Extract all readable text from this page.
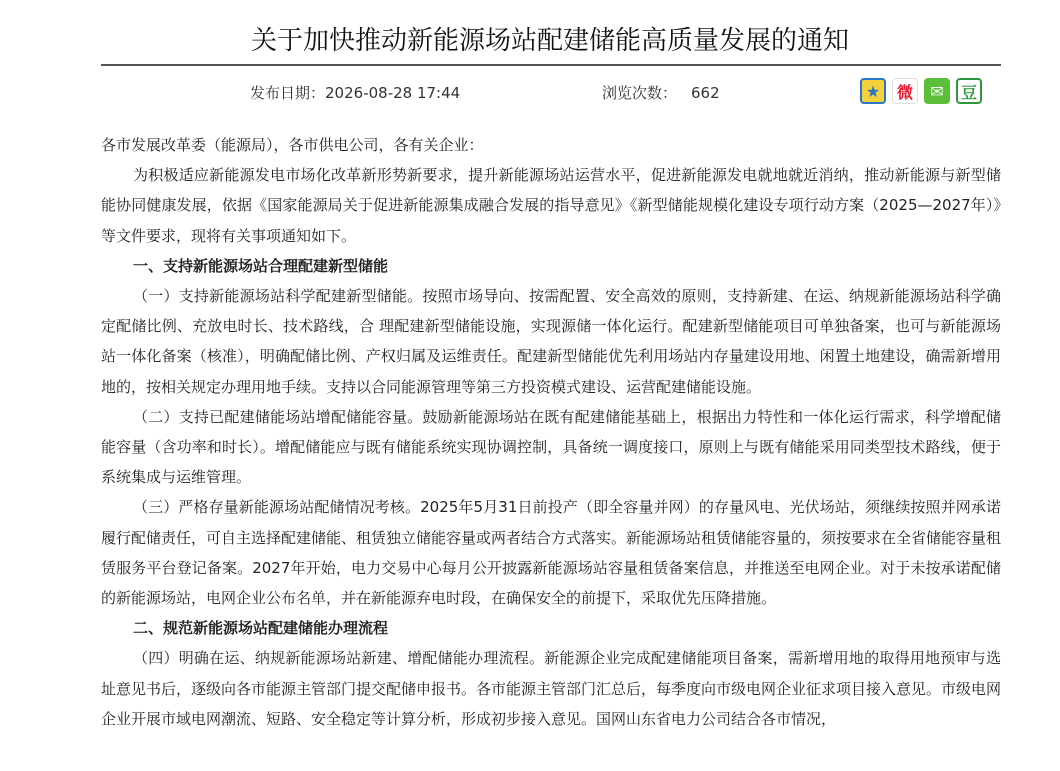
关于加快推动新能源场站配建储能高质量发展的通知
发布日期：2026-08-28 17:44	浏览次数： 662	★	微	✉	豆

各市发展改革委（能源局），各市供电公司，各有关企业：

为积极适应新能源发电市场化改革新形势新要求，提升新能源场站运营水平，促进新能源发电就地就近消纳，推动新能源与新型储能协同健康发展，依据《国家能源局关于促进新能源集成融合发展的指导意见》《新型储能规模化建设专项行动方案（2025—2027年）》等文件要求，现将有关事项通知如下。

一、支持新能源场站合理配建新型储能

（一）支持新能源场站科学配建新型储能。按照市场导向、按需配置、安全高效的原则，支持新建、在运、纳规新能源场站科学确定配储比例、充放电时长、技术路线，合 理配建新型储能设施，实现源储一体化运行。配建新型储能项目可单独备案，也可与新能源场站一体化备案（核准），明确配储比例、产权归属及运维责任。配建新型储能优先利用场站内存量建设用地、闲置土地建设，确需新增用地的，按相关规定办理用地手续。支持以合同能源管理等第三方投资模式建设、运营配建储能设施。

（二）支持已配建储能场站增配储能容量。鼓励新能源场站在既有配建储能基础上，根据出力特性和一体化运行需求，科学增配储能容量（含功率和时长）。增配储能应与既有储能系统实现协调控制，具备统一调度接口，原则上与既有储能采用同类型技术路线，便于系统集成与运维管理。

（三）严格存量新能源场站配储情况考核。2025年5月31日前投产（即全容量并网）的存量风电、光伏场站，须继续按照并网承诺履行配储责任，可自主选择配建储能、租赁独立储能容量或两者结合方式落实。新能源场站租赁储能容量的，须按要求在全省储能容量租赁服务平台登记备案。2027年开始，电力交易中心每月公开披露新能源场站容量租赁备案信息，并推送至电网企业。对于未按承诺配储的新能源场站，电网企业公布名单，并在新能源弃电时段，在确保安全的前提下，采取优先压降措施。

二、规范新能源场站配建储能办理流程

（四）明确在运、纳规新能源场站新建、增配储能办理流程。新能源企业完成配建储能项目备案，需新增用地的取得用地预审与选址意见书后，逐级向各市能源主管部门提交配储申报书。各市能源主管部门汇总后，每季度向市级电网企业征求项目接入意见。市级电网企业开展市域电网潮流、短路、安全稳定等计算分析，形成初步接入意见。国网山东省电力公司结合各市情况，
